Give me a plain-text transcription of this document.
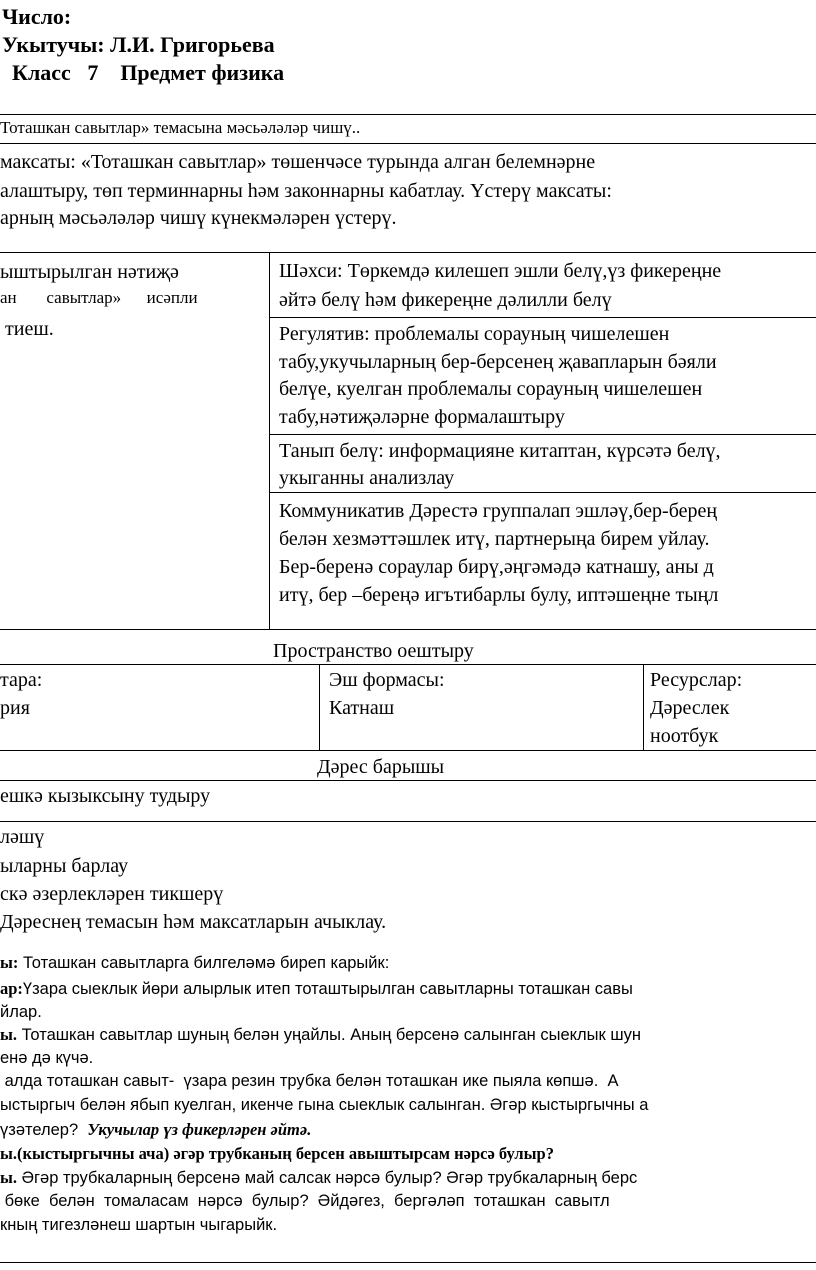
Число:
Укытучы: Л.И. Григорьева
Класс   7    Предмет физика
Тоташкан савытлар» темасына мәсьәләләр чишү..
максаты: «Тоташкан савытлар» төшенчәсе турында алган белемнәрне
алаштыру, төп терминнарны һәм законнарны кабатлау. Үстерү максаты:
арның мәсьәләләр чишү күнекмәләрен үстерү.
ыштырылган нәтиҗә
ан       савытлар»      исәпли
тиеш.
Шәхси: Төркемдә килешеп эшли белү,үз фикереңне
әйтә белү һәм фикереңне дәлилли белү
Регулятив: проблемалы сорауның чишелешен
табу,укучыларның бер-берсенең җавапларын бәяли
белүе, куелган проблемалы сорауның чишелешен
табу,нәтиҗәләрне формалаштыру
Танып белү: информацияне китаптан, күрсәтә белү,
укыганны анализлау
Коммуникатив Дәрестә группалап эшләү,бер-берең
белән хезмәттәшлек итү, партнерыңа бирем уйлау.
Бер-беренә сораулар бирү,әңгәмәдә катнашу, аны д
итү, бер –береңә игътибарлы булу, иптәшеңне тыңл
Пространство оештыру
тара:
рия
Эш формасы:
Катнаш
Ресурслар:
Дәреслек
ноотбук
Дәрес барышы
ешкә кызыксыну тудыру
ләшү
ыларны барлау
скә әзерлекләрен тикшерү
Дәреснең темасын һәм максатларын ачыклау.
ы: Тоташкан савытларга билгеләмә биреп карыйк:
ар:Үзара сыеклык йөри алырлык итеп тоташтырылган савытларны тоташкан савы
йлар.
ы. Тоташкан савытлар шуның белән уңайлы. Аның берсенә салынган сыеклык шун
енә дә күчә.
алда тоташкан савыт-  үзара резин трубка белән тоташкан ике пыяла көпшә.  А
ыстыргыч белән ябып куелган, икенче гына сыеклык салынган. Әгәр кыстыргычны а
үзәтелер?  Укучылар үз фикерләрен әйтә.
ы.(кыстыргычны ача) әгәр трубканың берсен авыштырсам нәрсә булыр?
ы. Әгәр трубкаларның берсенә май салсак нәрсә булыр? Әгәр трубкаларның берс
бөке  белән  томаласам  нәрсә  булыр?  Әйдәгез,  бергәләп  тоташкан  савытл
кның тигезләнеш шартын чыгарыйк.
